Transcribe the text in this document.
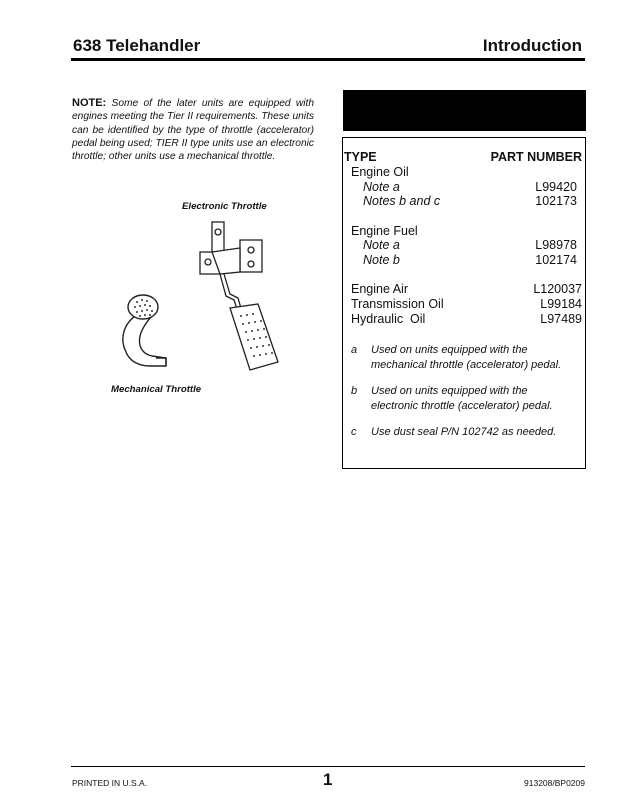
638 Telehandler	Introduction
NOTE: Some of the later units are equipped with engines meeting the Tier II requirements. These units can be identified by the type of throttle (accelerator) pedal being used; TIER II type units use an electronic throttle; other units use a mechanical throttle.
Electronic Throttle
Mechanical Throttle
TYPE	PART NUMBER
Engine Oil
Note a	L99420
Notes b and c	102173
Engine Fuel
Note a	L98978
Note b	102174
Engine Air	L120037
Transmission Oil	L99184
Hydraulic  Oil	L97489
a Used on units equipped with the mechanical throttle (accelerator) pedal.
b Used on units equipped with the electronic throttle (accelerator) pedal.
c Use dust seal P/N 102742 as needed.
PRINTED IN U.S.A.	1	913208/BP0209
